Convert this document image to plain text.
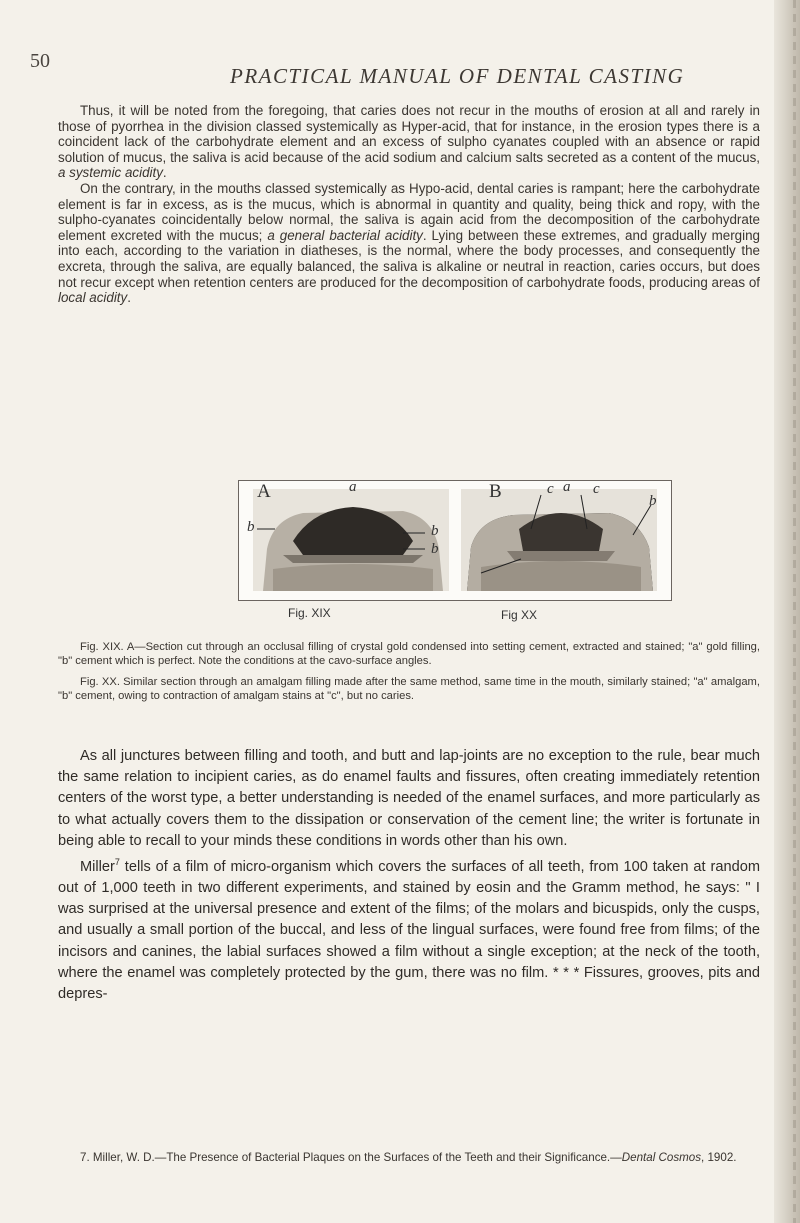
50
PRACTICAL MANUAL OF DENTAL CASTING

Thus, it will be noted from the foregoing, that caries does not recur in the mouths of erosion at all and rarely in those of pyorrhea in the division classed systemically as Hyper-acid, that for instance, in the erosion types there is a coincident lack of the carbohydrate element and an excess of sulpho cyanates coupled with an absence or rapid solution of mucus, the saliva is acid because of the acid sodium and calcium salts secreted as a content of the mucus, a systemic acidity.

On the contrary, in the mouths classed systemically as Hypo-acid, dental caries is rampant; here the carbohydrate element is far in excess, as is the mucus, which is abnormal in quantity and quality, being thick and ropy, with the sulpho-cyanates coincidentally below normal, the saliva is again acid from the decomposition of the carbohydrate element excreted with the mucus; a general bacterial acidity. Lying between these extremes, and gradually merging into each, according to the variation in diatheses, is the normal, where the body processes, and consequently the excreta, through the saliva, are equally balanced, the saliva is alkaline or neutral in reaction, caries occurs, but does not recur except when retention centers are produced for the decomposition of carbohydrate foods, producing areas of local acidity.

A	a
b	b
b
B	c a c
b
Fig. XIX	Fig XX

Fig. XIX. A—Section cut through an occlusal filling of crystal gold condensed into setting cement, extracted and stained; "a" gold filling, "b" cement which is perfect. Note the conditions at the cavo-surface angles.

Fig. XX. Similar section through an amalgam filling made after the same method, same time in the mouth, similarly stained; "a" amalgam, "b" cement, owing to contraction of amalgam stains at "c", but no caries.

As all junctures between filling and tooth, and butt and lap-joints are no exception to the rule, bear much the same relation to incipient caries, as do enamel faults and fissures, often creating immediately retention centers of the worst type, a better understanding is needed of the enamel surfaces, and more particularly as to what actually covers them to the dissipation or conservation of the cement line; the writer is fortunate in being able to recall to your minds these conditions in words other than his own.

Miller$^7$ tells of a film of micro-organism which covers the surfaces of all teeth, from 100 taken at random out of 1,000 teeth in two different experiments, and stained by eosin and the Gramm method, he says: " I was surprised at the universal presence and extent of the films; of the molars and bicuspids, only the cusps, and usually a small portion of the buccal, and less of the lingual surfaces, were found free from films; of the incisors and canines, the labial surfaces showed a film without a single exception; at the neck of the tooth, where the enamel was completely protected by the gum, there was no film. * * * Fissures, grooves, pits and depres-

7. Miller, W. D.—The Presence of Bacterial Plaques on the Surfaces of the Teeth and their Significance.—Dental Cosmos, 1902.
